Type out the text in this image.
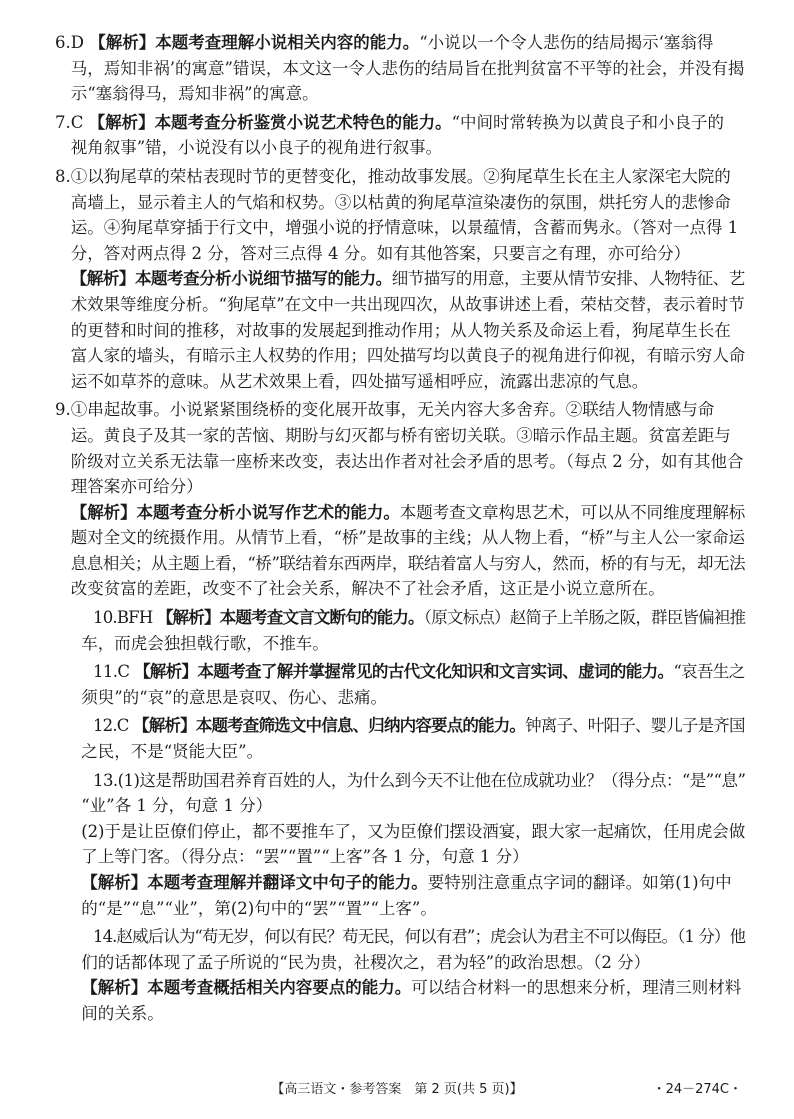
6.D 【解析】本题考查理解小说相关内容的能力。“小说以一个令人悲伤的结局揭示‘塞翁得
马，焉知非祸’的寓意”错误，本文这一令人悲伤的结局旨在批判贫富不平等的社会，并没有揭
示“塞翁得马，焉知非祸”的寓意。
7.C 【解析】本题考查分析鉴赏小说艺术特色的能力。“中间时常转换为以黄良子和小良子的
视角叙事”错，小说没有以小良子的视角进行叙事。
8.①以狗尾草的荣枯表现时节的更替变化，推动故事发展。②狗尾草生长在主人家深宅大院的
高墙上，显示着主人的气焰和权势。③以枯黄的狗尾草渲染凄伤的氛围，烘托穷人的悲惨命
运。④狗尾草穿插于行文中，增强小说的抒情意味，以景蕴情，含蓄而隽永。（答对一点得 1
分，答对两点得 2 分，答对三点得 4 分。如有其他答案，只要言之有理，亦可给分）
【解析】本题考查分析小说细节描写的能力。细节描写的用意，主要从情节安排、人物特征、艺
术效果等维度分析。“狗尾草”在文中一共出现四次，从故事讲述上看，荣枯交替，表示着时节
的更替和时间的推移，对故事的发展起到推动作用；从人物关系及命运上看，狗尾草生长在
富人家的墙头，有暗示主人权势的作用；四处描写均以黄良子的视角进行仰视，有暗示穷人命
运不如草芥的意味。从艺术效果上看，四处描写遥相呼应，流露出悲凉的气息。
9.①串起故事。小说紧紧围绕桥的变化展开故事，无关内容大多舍弃。②联结人物情感与命
运。黄良子及其一家的苦恼、期盼与幻灭都与桥有密切关联。③暗示作品主题。贫富差距与
阶级对立关系无法靠一座桥来改变，表达出作者对社会矛盾的思考。（每点 2 分，如有其他合
理答案亦可给分）
【解析】本题考查分析小说写作艺术的能力。本题考查文章构思艺术，可以从不同维度理解标
题对全文的统摄作用。从情节上看，“桥”是故事的主线；从人物上看，“桥”与主人公一家命运
息息相关；从主题上看，“桥”联结着东西两岸，联结着富人与穷人，然而，桥的有与无，却无法
改变贫富的差距，改变不了社会关系，解决不了社会矛盾，这正是小说立意所在。
10.BFH 【解析】本题考查文言文断句的能力。（原文标点）赵简子上羊肠之阪，群臣皆偏袒推
车，而虎会独担戟行歌，不推车。
11.C 【解析】本题考查了解并掌握常见的古代文化知识和文言实词、虚词的能力。“哀吾生之
须臾”的“哀”的意思是哀叹、伤心、悲痛。
12.C 【解析】本题考查筛选文中信息、归纳内容要点的能力。钟离子、叶阳子、婴儿子是齐国
之民，不是“贤能大臣”。
13.(1)这是帮助国君养育百姓的人，为什么到今天不让他在位成就功业？（得分点：“是”“息”
“业”各 1 分，句意 1 分）
(2)于是让臣僚们停止，都不要推车了，又为臣僚们摆设酒宴，跟大家一起痛饮，任用虎会做
了上等门客。（得分点：“罢”“置”“上客”各 1 分，句意 1 分）
【解析】本题考查理解并翻译文中句子的能力。要特别注意重点字词的翻译。如第(1)句中
的“是”“息”“业”，第(2)句中的“罢”“置”“上客”。
14.赵威后认为“苟无岁，何以有民？苟无民，何以有君”；虎会认为君主不可以侮臣。（1 分）他
们的话都体现了孟子所说的“民为贵，社稷次之，君为轻”的政治思想。（2 分）
【解析】本题考查概括相关内容要点的能力。可以结合材料一的思想来分析，理清三则材料
间的关系。
【高三语文・参考答案　第 2 页(共 5 页)】	・24－274C・
